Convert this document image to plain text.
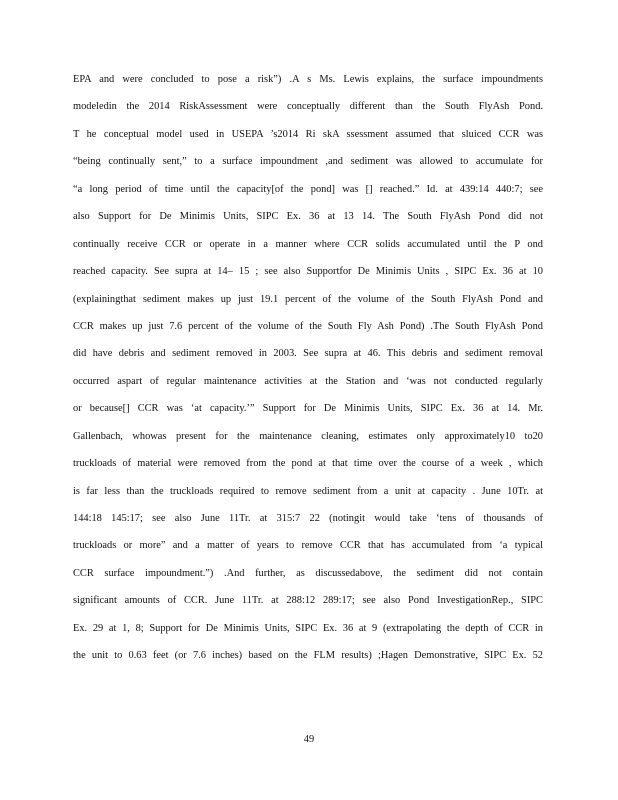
EPA and were concluded to pose a risk”) .A s Ms. Lewis explains, the surface impoundments
modeledin the 2014 RiskAssessment were conceptually different than the South FlyAsh Pond.
T he conceptual model used in USEPA ’s2014 Ri skA ssessment assumed that sluiced CCR was
“being continually sent,” to a surface impoundment ,and sediment was allowed to accumulate for
“a long period of time until the capacity[of the pond] was [] reached.” Id. at 439:14 440:7; see
also Support for De Minimis Units, SIPC Ex. 36 at 13 14. The South FlyAsh Pond did not
continually receive CCR or operate in a manner where CCR solids accumulated until the P ond
reached capacity. See supra at 14– 15 ; see also Supportfor De Minimis Units , SIPC Ex. 36 at 10
(explainingthat sediment makes up just 19.1 percent of the volume of the South FlyAsh Pond and
CCR makes up just 7.6 percent of the volume of the South Fly Ash Pond) .The South FlyAsh Pond
did have debris and sediment removed in 2003. See supra at 46. This debris and sediment removal
occurred aspart of regular maintenance activities at the Station and ‘was not conducted regularly
or because[] CCR was ‘at capacity.’” Support for De Minimis Units, SIPC Ex. 36 at 14. Mr.
Gallenbach, whowas present for the maintenance cleaning, estimates only approximately10 to20
truckloads of material were removed from the pond at that time over the course of a week , which
is far less than the truckloads required to remove sediment from a unit at capacity . June 10Tr. at
144:18 145:17; see also June 11Tr. at 315:7 22 (notingit would take ‘tens of thousands of
truckloads or more” and a matter of years to remove CCR that has accumulated from ‘a typical
CCR surface impoundment.”) .And further, as discussedabove, the sediment did not contain
significant amounts of CCR. June 11Tr. at 288:12 289:17; see also Pond InvestigationRep., SIPC
Ex. 29 at 1, 8; Support for De Minimis Units, SIPC Ex. 36 at 9 (extrapolating the depth of CCR in
the unit to 0.63 feet (or 7.6 inches) based on the FLM results) ;Hagen Demonstrative, SIPC Ex. 52
49
